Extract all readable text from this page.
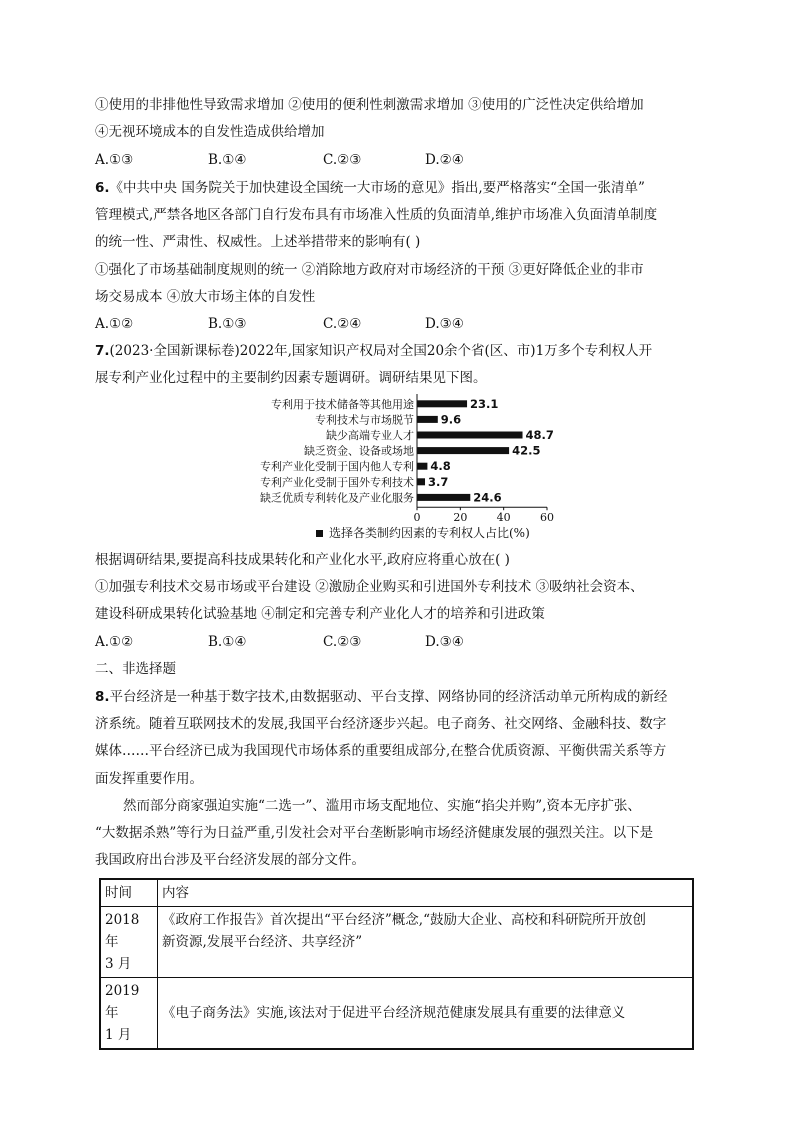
①使用的非排他性导致需求增加 ②使用的便利性刺激需求增加 ③使用的广泛性决定供给增加
④无视环境成本的自发性造成供给增加
A.①③	B.①④	C.②③	D.②④
6.《中共中央 国务院关于加快建设全国统一大市场的意见》指出,要严格落实“全国一张清单”
管理模式,严禁各地区各部门自行发布具有市场准入性质的负面清单,维护市场准入负面清单制度
的统一性、严肃性、权威性。上述举措带来的影响有( )
①强化了市场基础制度规则的统一 ②消除地方政府对市场经济的干预 ③更好降低企业的非市
场交易成本 ④放大市场主体的自发性
A.①②	B.①③	C.②④	D.③④
7.(2023·全国新课标卷)2022年,国家知识产权局对全国20余个省(区、市)1万多个专利权人开
展专利产业化过程中的主要制约因素专题调研。调研结果见下图。
专利用于技术储备等其他用途	23.1
专利技术与市场脱节 9.6
缺少高端专业人才	48.7
缺乏资金、设备或场地	42.5
专利产业化受制于国内他人专利 4.8
专利产业化受制于国外专利技术 3.7
缺乏优质专利转化及产业化服务	24.6
0	20	40	60
选择各类制约因素的专利权人占比(%)
根据调研结果,要提高科技成果转化和产业化水平,政府应将重心放在( )
①加强专利技术交易市场或平台建设 ②激励企业购买和引进国外专利技术 ③吸纳社会资本、
建设科研成果转化试验基地 ④制定和完善专利产业化人才的培养和引进政策
A.①②	B.①④	C.②③	D.③④
二、非选择题
8.平台经济是一种基于数字技术,由数据驱动、平台支撑、网络协同的经济活动单元所构成的新经
济系统。随着互联网技术的发展,我国平台经济逐步兴起。电子商务、社交网络、金融科技、数字
媒体……平台经济已成为我国现代市场体系的重要组成部分,在整合优质资源、平衡供需关系等方
面发挥重要作用。
然而部分商家强迫实施“二选一”、滥用市场支配地位、实施“掐尖并购”,资本无序扩张、
“大数据杀熟”等行为日益严重,引发社会对平台垄断影响市场经济健康发展的强烈关注。以下是
我国政府出台涉及平台经济发展的部分文件。
时间	内容
2018 年
3 月	《政府工作报告》首次提出“平台经济”概念,“鼓励大企业、高校和科研院所开放创
新资源,发展平台经济、共享经济”
2019 年
1 月	《电子商务法》实施,该法对于促进平台经济规范健康发展具有重要的法律意义
